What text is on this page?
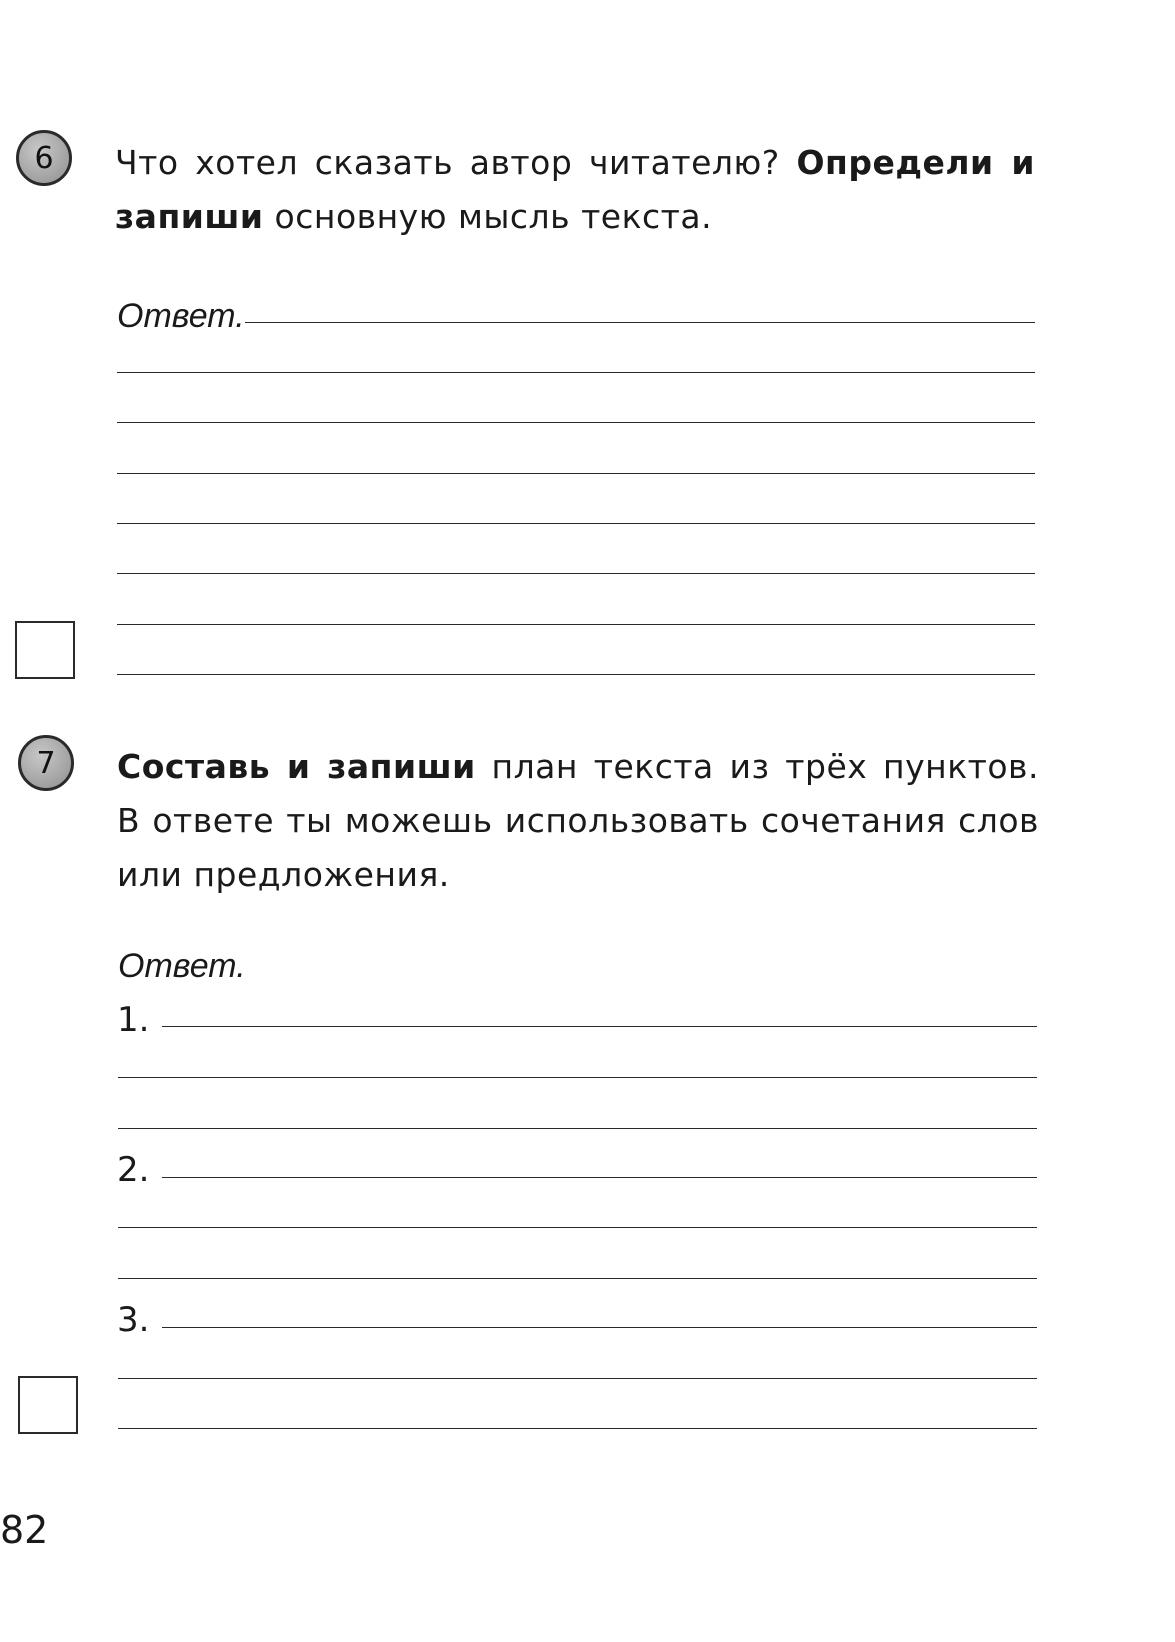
6 Что хотел сказать автор читателю? Определи и запиши основную мысль текста.
Ответ.
7 Составь и запиши план текста из трёх пунктов. В ответе ты можешь использовать сочетания слов или предложения.
Ответ.
1.
2.
3.
82
